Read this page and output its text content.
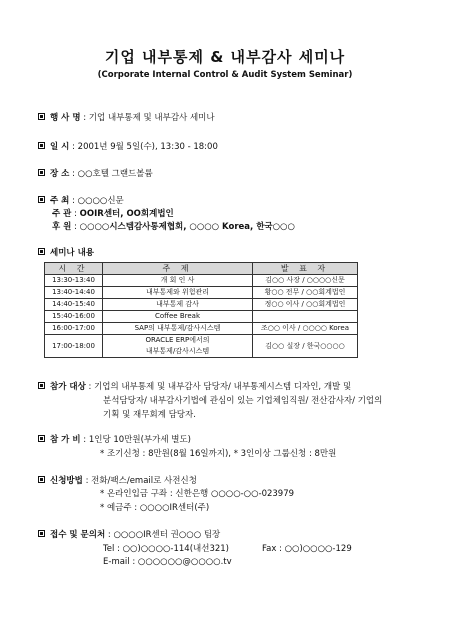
기업 내부통제 & 내부감사 세미나
(Corporate Internal Control & Audit System Seminar)
행 사 명 : 기업 내부통제 및 내부감사 세미나
일 시 : 2001년 9월 5일(수), 13:30 - 18:00
장 소 : ○○호텔 그랜드볼륨
주 최 : ○○○○신문
주 관 : OOIR센터, OO회계법인
후 원 : ○○○○시스템감사통제협회, ○○○○ Korea, 한국○○○
세미나 내용
시 간	주 제	발 표 자
13:30-13:40	개 회 인 사	김○○ 사장 / ○○○○신문
13:40-14:40	내부통제와 위험관리	황○○ 전무 / ○○회계법인
14:40-15:40	내부통제 감사	정○○ 이사 / ○○회계법인
15:40-16:00	Coffee Break	
16:00-17:00	SAP의 내부통제/감사시스템	조○○ 이사 / ○○○○ Korea
17:00-18:00	ORACLE ERP에서의
내부통제/감사시스템	김○○ 실장 / 한국○○○○
참가 대상 : 기업의 내부통제 및 내부감사 담당자/ 내부통제시스템 디자인, 개발 및
분석담당자/ 내부감사기법에 관심이 있는 기업체임직원/ 전산감사자/ 기업의
기획 및 재무회계 담당자.
참 가 비 : 1인당 10만원(부가세 별도)
* 조기신청 : 8만원(8월 16일까지), * 3인이상 그룹신청 : 8만원
신청방법 : 전화/팩스/email로 사전신청
* 온라인입금 구좌 : 신한은행 ○○○○-○○-023979
* 예금주 : ○○○○IR센터(주)
접수 및 문의처 : ○○○○IR센터 권○○○ 팀장
Tel : ○○)○○○○-114(내선321)	Fax : ○○)○○○○-129
E-mail : ○○○○○○@○○○○.tv
